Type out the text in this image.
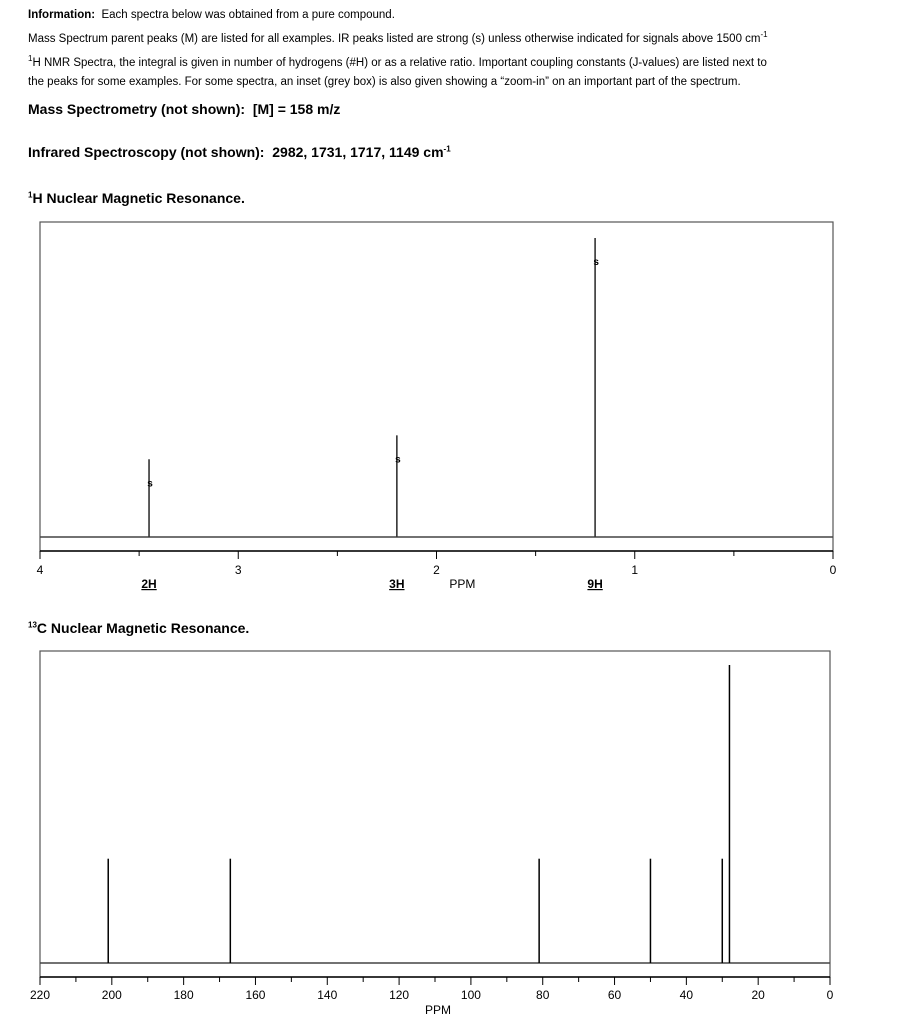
Information: Each spectra below was obtained from a pure compound.
Mass Spectrum parent peaks (M) are listed for all examples. IR peaks listed are strong (s) unless otherwise indicated for signals above 1500 $cm^{-1}$
$^1$H NMR Spectra, the integral is given in number of hydrogens (#H) or as a relative ratio. Important coupling constants (J-values) are listed next to
the peaks for some examples. For some spectra, an inset (grey box) is also given showing a “zoom-in” on an important part of the spectrum.
Mass Spectrometry (not shown): [M] = 158 m/z
Infrared Spectroscopy (not shown): 2982, 1731, 1717, 1149 $cm^{-1}$
$^1$H Nuclear Magnetic Resonance.
$^{13}$C Nuclear Magnetic Resonance.
4	3	2	1	0
PPM
s
2H
s
3H
s
9H
220	200	180	160	140	120	100	80	60	40	20	0
PPM
